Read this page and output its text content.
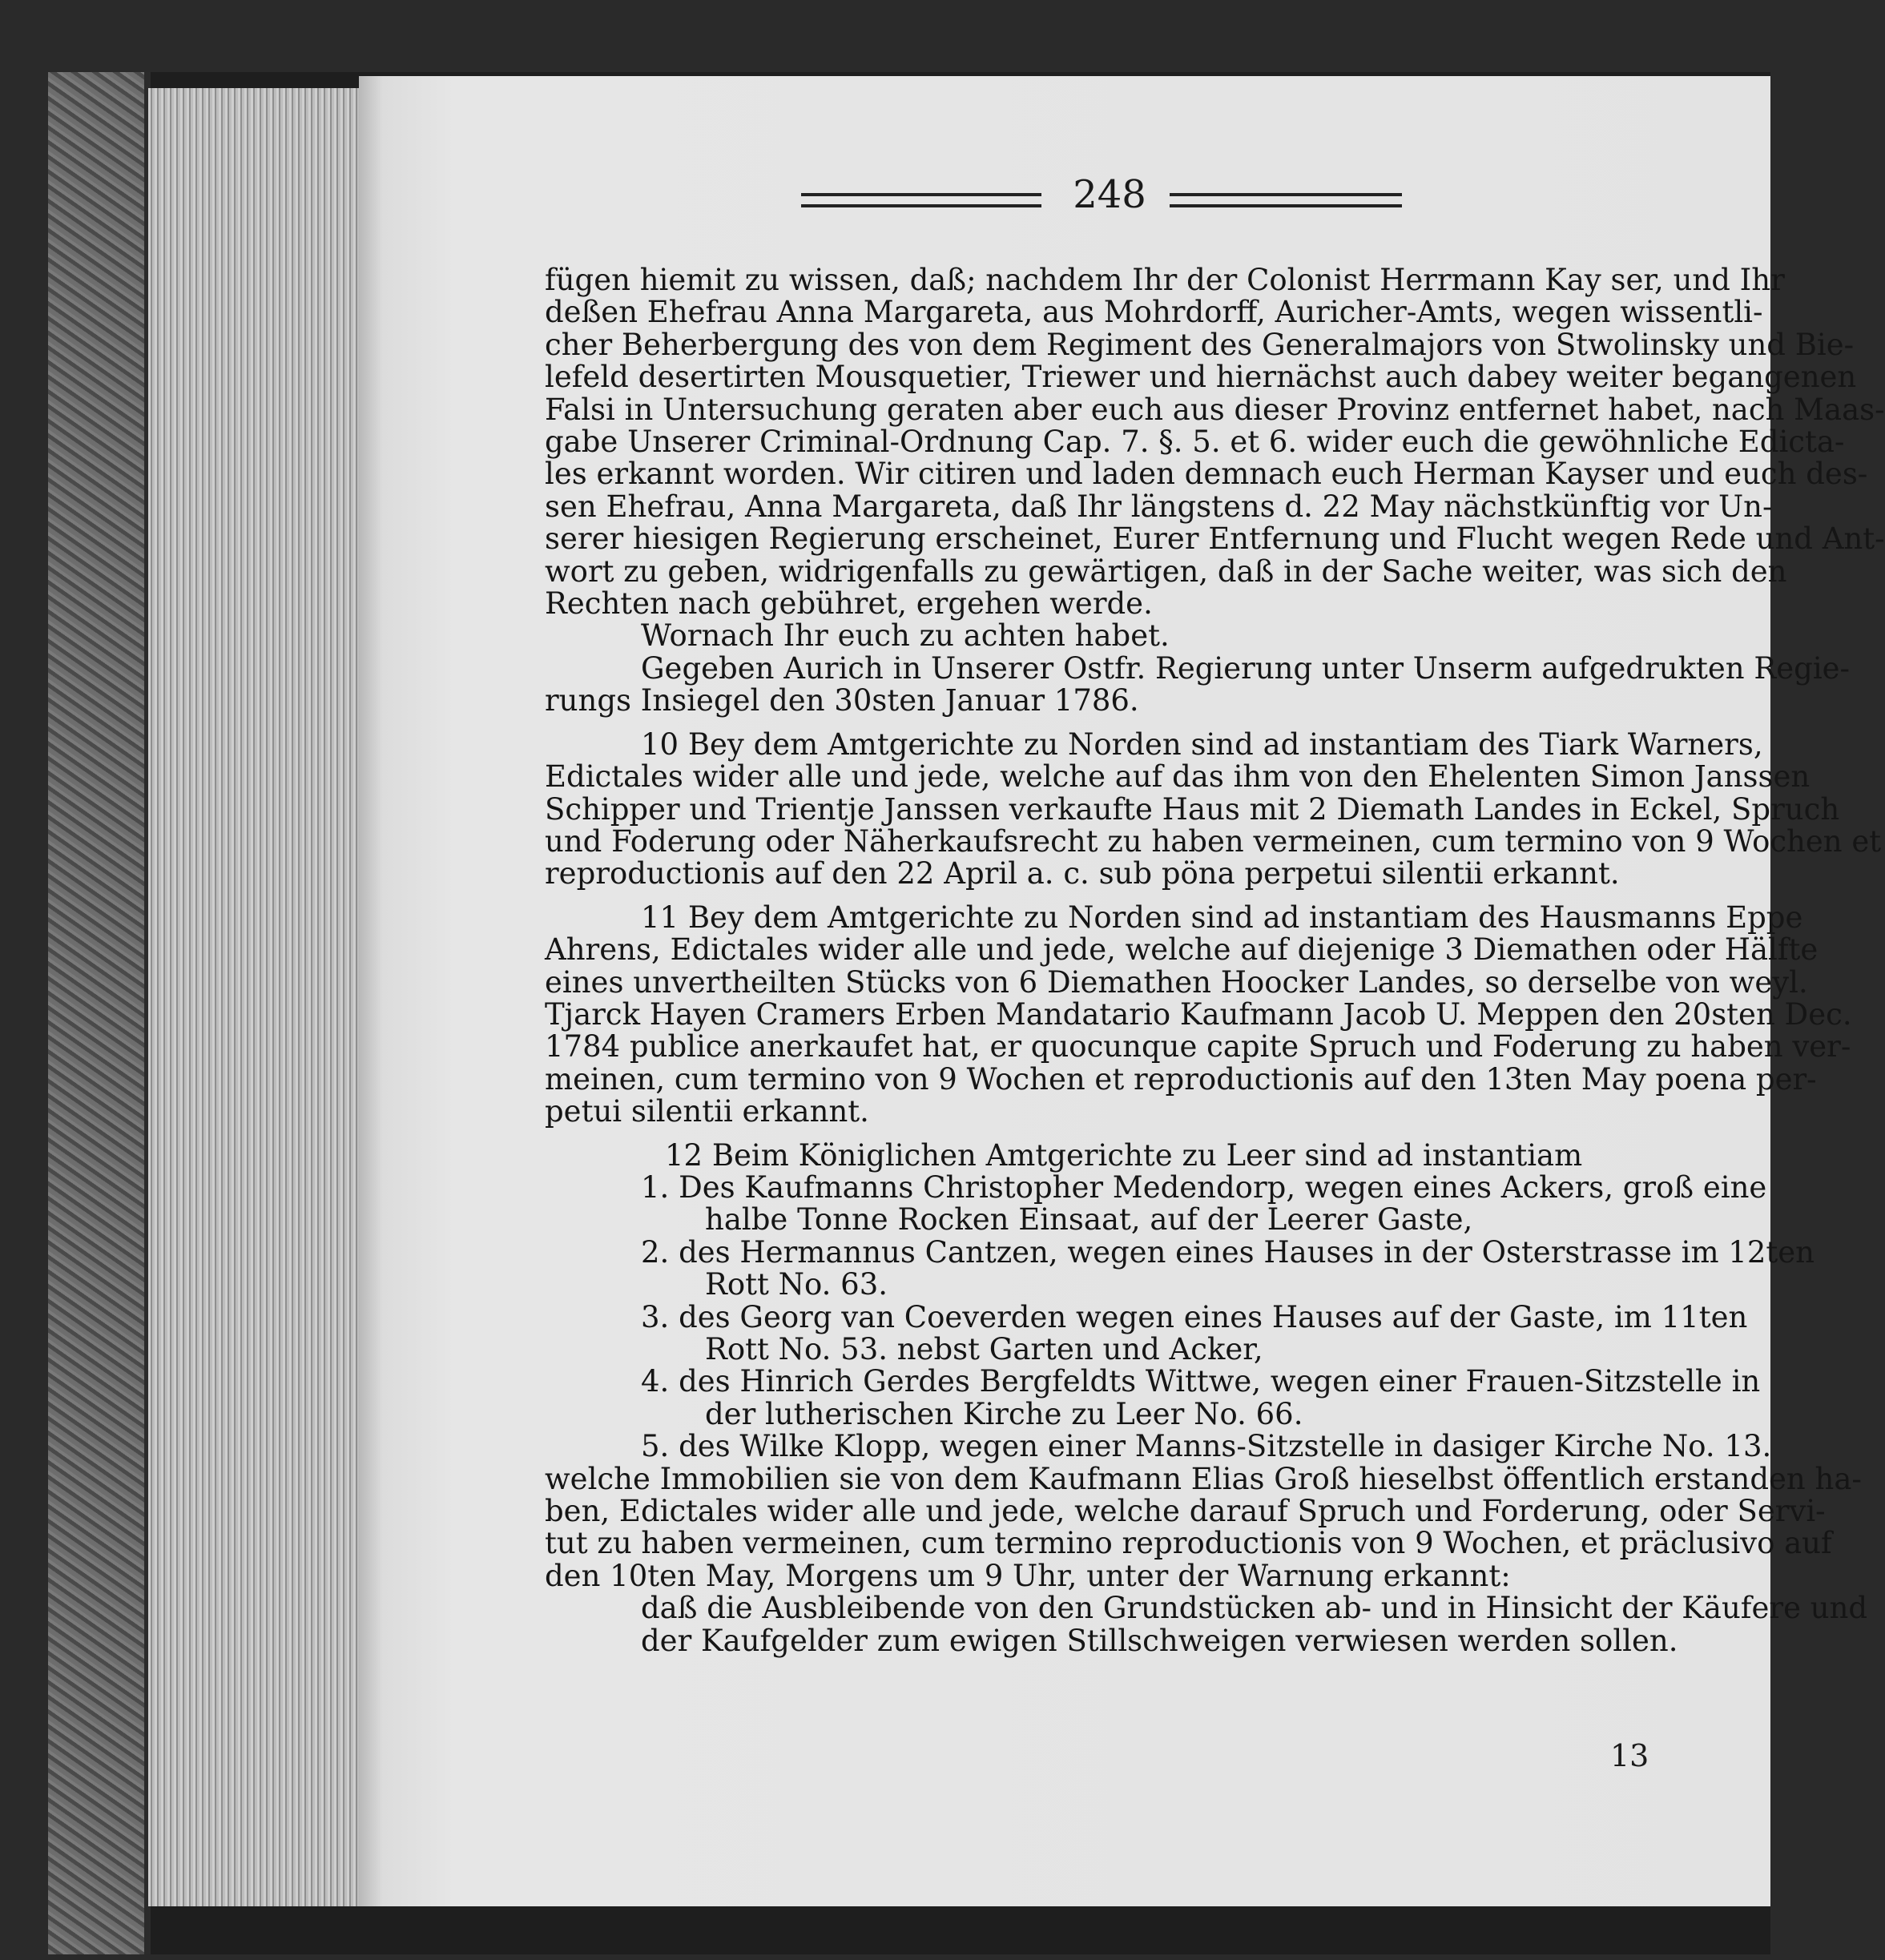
248
fügen hiemit zu wissen, daß; nachdem Ihr der Colonist Herrmann Kay ser, und Ihr
deßen Ehefrau Anna Margareta, aus Mohrdorff, Auricher-Amts, wegen wissentli-
cher Beherbergung des von dem Regiment des Generalmajors von Stwolinsky und Bie-
lefeld desertirten Mousquetier, Triewer und hiernächst auch dabey weiter begangenen
Falsi in Untersuchung geraten aber euch aus dieser Provinz entfernet habet, nach Maas-
gabe Unserer Criminal-Ordnung Cap. 7. §. 5. et 6. wider euch die gewöhnliche Edicta-
les erkannt worden. Wir citiren und laden demnach euch Herman Kayser und euch des-
sen Ehefrau, Anna Margareta, daß Ihr längstens d. 22 May nächstkünftig vor Un-
serer hiesigen Regierung erscheinet, Eurer Entfernung und Flucht wegen Rede und Ant-
wort zu geben, widrigenfalls zu gewärtigen, daß in der Sache weiter, was sich den
Rechten nach gebühret, ergehen werde.
Wornach Ihr euch zu achten habet.
Gegeben Aurich in Unserer Ostfr. Regierung unter Unserm aufgedrukten Regie-
rungs Insiegel den 30sten Januar 1786.
10 Bey dem Amtgerichte zu Norden sind ad instantiam des Tiark Warners,
Edictales wider alle und jede, welche auf das ihm von den Ehelenten Simon Janssen
Schipper und Trientje Janssen verkaufte Haus mit 2 Diemath Landes in Eckel, Spruch
und Foderung oder Näherkaufsrecht zu haben vermeinen, cum termino von 9 Wochen et
reproductionis auf den 22 April a. c. sub pöna perpetui silentii erkannt.
11 Bey dem Amtgerichte zu Norden sind ad instantiam des Hausmanns Eppe
Ahrens, Edictales wider alle und jede, welche auf diejenige 3 Diemathen oder Hälfte
eines unvertheilten Stücks von 6 Diemathen Hoocker Landes, so derselbe von weyl.
Tjarck Hayen Cramers Erben Mandatario Kaufmann Jacob U. Meppen den 20sten Dec.
1784 publice anerkaufet hat, er quocunque capite Spruch und Foderung zu haben ver-
meinen, cum termino von 9 Wochen et reproductionis auf den 13ten May poena per-
petui silentii erkannt.
12 Beim Königlichen Amtgerichte zu Leer sind ad instantiam
1. Des Kaufmanns Christopher Medendorp, wegen eines Ackers, groß eine
halbe Tonne Rocken Einsaat, auf der Leerer Gaste,
2. des Hermannus Cantzen, wegen eines Hauses in der Osterstrasse im 12ten
Rott No. 63.
3. des Georg van Coeverden wegen eines Hauses auf der Gaste, im 11ten
Rott No. 53. nebst Garten und Acker,
4. des Hinrich Gerdes Bergfeldts Wittwe, wegen einer Frauen-Sitzstelle in
der lutherischen Kirche zu Leer No. 66.
5. des Wilke Klopp, wegen einer Manns-Sitzstelle in dasiger Kirche No. 13.
welche Immobilien sie von dem Kaufmann Elias Groß hieselbst öffentlich erstanden ha-
ben, Edictales wider alle und jede, welche darauf Spruch und Forderung, oder Servi-
tut zu haben vermeinen, cum termino reproductionis von 9 Wochen, et präclusivo auf
den 10ten May, Morgens um 9 Uhr, unter der Warnung erkannt:
daß die Ausbleibende von den Grundstücken ab- und in Hinsicht der Käufere und
der Kaufgelder zum ewigen Stillschweigen verwiesen werden sollen.
13
